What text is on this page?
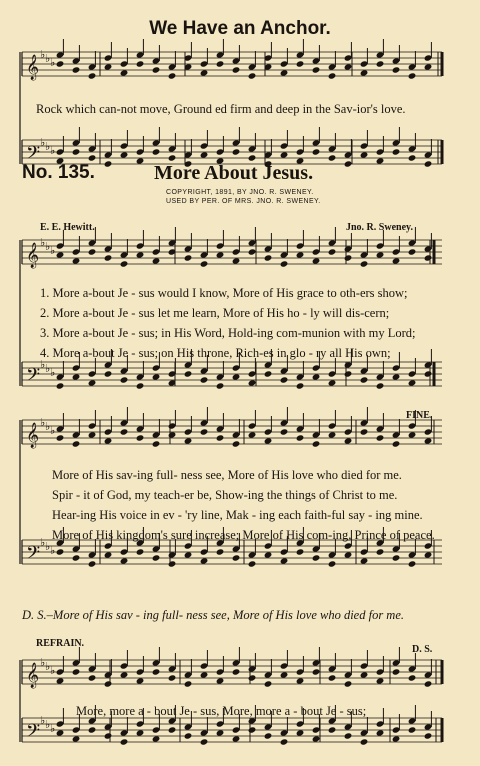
𝄞 ♭ ♭ ♭
𝄢 ♭ ♭ ♭
𝄞 ♭ ♭ ♭
𝄢 ♭ ♭ ♭
𝄞 ♭ ♭ ♭
𝄢 ♭ ♭ ♭
𝄞 ♭ ♭ ♭
𝄢 ♭ ♭ ♭
We Have an Anchor.
Rock which can-not move, Ground ed firm and deep in the Sav-ior's love.
No. 135.	More About Jesus.
COPYRIGHT, 1891, BY JNO. R. SWENEY.
USED BY PER. OF MRS. JNO. R. SWENEY.
E. E. Hewitt.	Jno. R. Sweney.
1. More a-bout Je - sus would I know, More of His grace to oth-ers show;
2. More a-bout Je - sus let me learn, More of His ho - ly will dis-cern;
3. More a-bout Je - sus; in His Word, Hold-ing com-munion with my Lord;
4. More a-bout Je - sus; on His throne, Rich-es in glo - ry all His own;
FINE.
More of His sav-ing full- ness see, More of His love who died for me.
Spir - it of God, my teach-er be, Show-ing the things of Christ to me.
Hear-ing His voice in ev - 'ry line, Mak - ing each faith-ful say - ing mine.
More of His kingdom's sure increase; More of His com-ing, Prince of peace.
D. S.–More of His sav - ing full- ness see, More of His love who died for me.
REFRAIN.
D. S.
More, more a - bout Je - sus, More, more a - bout Je - sus;
